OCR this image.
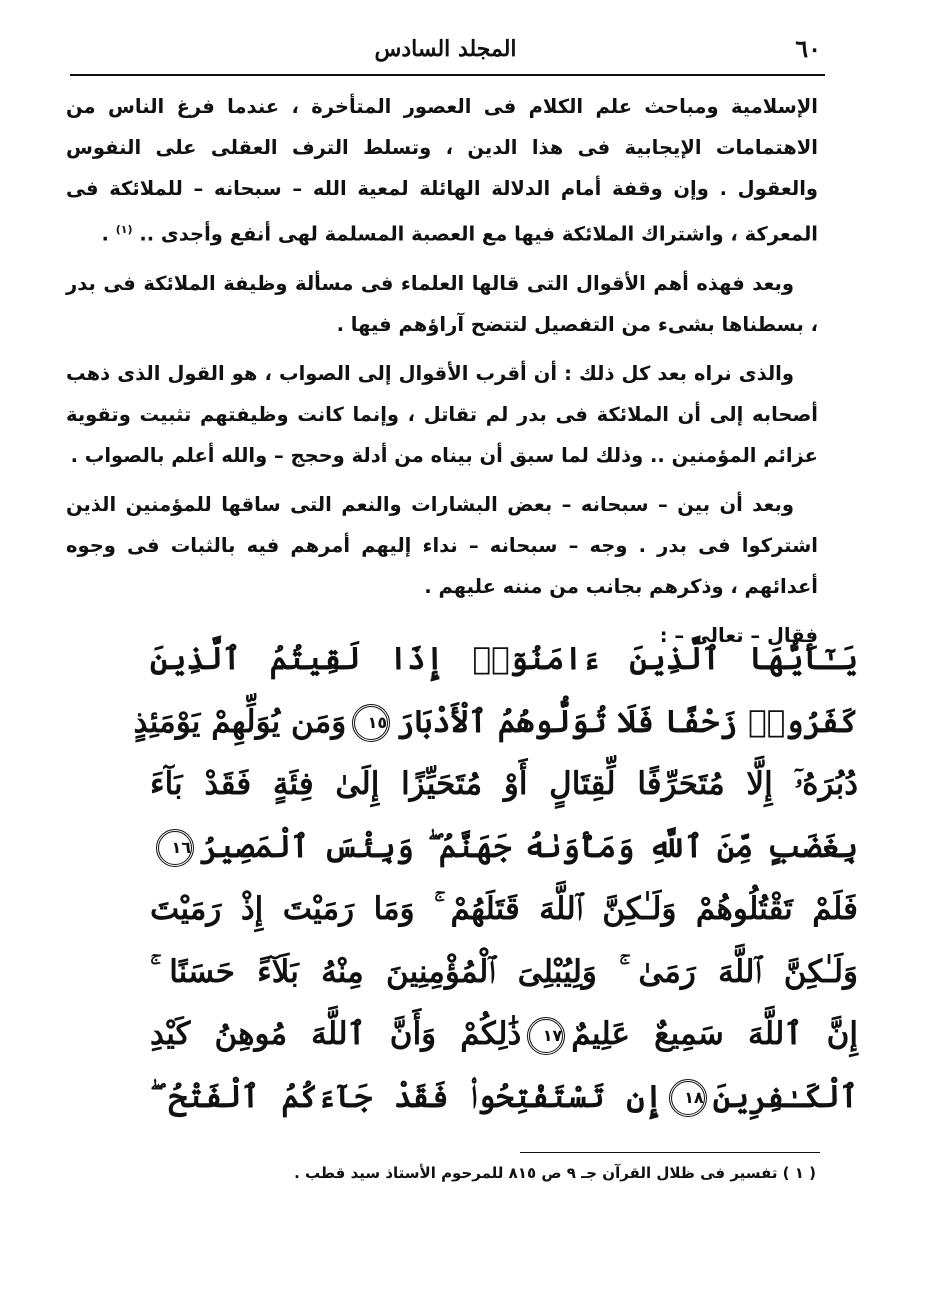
٦٠
المجلد السادس

الإسلامية ومباحث علم الكلام فى العصور المتأخرة ، عندما فرغ الناس من الاهتمامات الإيجابية فى هذا الدين ، وتسلط الترف العقلى على النفوس والعقول . وإن وقفة أمام الدلالة الهائلة لمعية الله – سبحانه – للملائكة فى المعركة ، واشتراك الملائكة فيها مع العصبة المسلمة لهى أنفع وأجدى .. $^{(١)}$ .

وبعد فهذه أهم الأقوال التى قالها العلماء فى مسألة وظيفة الملائكة فى بدر ، بسطناها بشىء من التفصيل لتتضح آراؤهم فيها .

والذى نراه بعد كل ذلك : أن أقرب الأقوال إلى الصواب ، هو القول الذى ذهب أصحابه إلى أن الملائكة فى بدر لم تقاتل ، وإنما كانت وظيفتهم تثبيت وتقوية عزائم المؤمنين .. وذلك لما سبق أن بيناه من أدلة وحجج – والله أعلم بالصواب .

وبعد أن بين – سبحانه – بعض البشارات والنعم التى ساقها للمؤمنين الذين اشتركوا فى بدر . وجه – سبحانه – نداء إليهم أمرهم فيه بالثبات فى وجوه أعدائهم ، وذكرهم بجانب من مننه عليهم .

فقال – تعالى – :

يَـٰٓأَيُّهَا ٱلَّذِينَ ءَامَنُوٓا۟ إِذَا لَقِيتُمُ ٱلَّذِينَ
كَفَرُوا۟ زَحْفًا فَلَا تُوَلُّوهُمُ ٱلْأَدْبَارَ١٥وَمَن يُوَلِّهِمْ يَوْمَئِذٍ
دُبُرَهُۥٓ إِلَّا مُتَحَرِّفًا لِّقِتَالٍ أَوْ مُتَحَيِّزًا إِلَىٰ فِئَةٍ فَقَدْ بَآءَ
بِغَضَبٍ مِّنَ ٱللَّهِ وَمَأْوَىٰهُ جَهَنَّمُ ۖ وَبِئْسَ ٱلْمَصِيرُ١٦
فَلَمْ تَقْتُلُوهُمْ وَلَـٰكِنَّ ٱللَّهَ قَتَلَهُمْ ۚ وَمَا رَمَيْتَ إِذْ رَمَيْتَ
وَلَـٰكِنَّ ٱللَّهَ رَمَىٰ ۚ وَلِيُبْلِىَ ٱلْمُؤْمِنِينَ مِنْهُ بَلَآءً حَسَنًا ۚ
إِنَّ ٱللَّهَ سَمِيعٌ عَلِيمٌ١٧ذَٰلِكُمْ وَأَنَّ ٱللَّهَ مُوهِنُ كَيْدِ
ٱلْكَـٰفِرِينَ١٨إِن تَسْتَفْتِحُوا۟ فَقَدْ جَآءَكُمُ ٱلْفَتْحُ ۖ
( ١ ) تفسير فى ظلال القرآن جـ ٩ ص ٨١٥ للمرحوم الأستاذ سيد قطب .
